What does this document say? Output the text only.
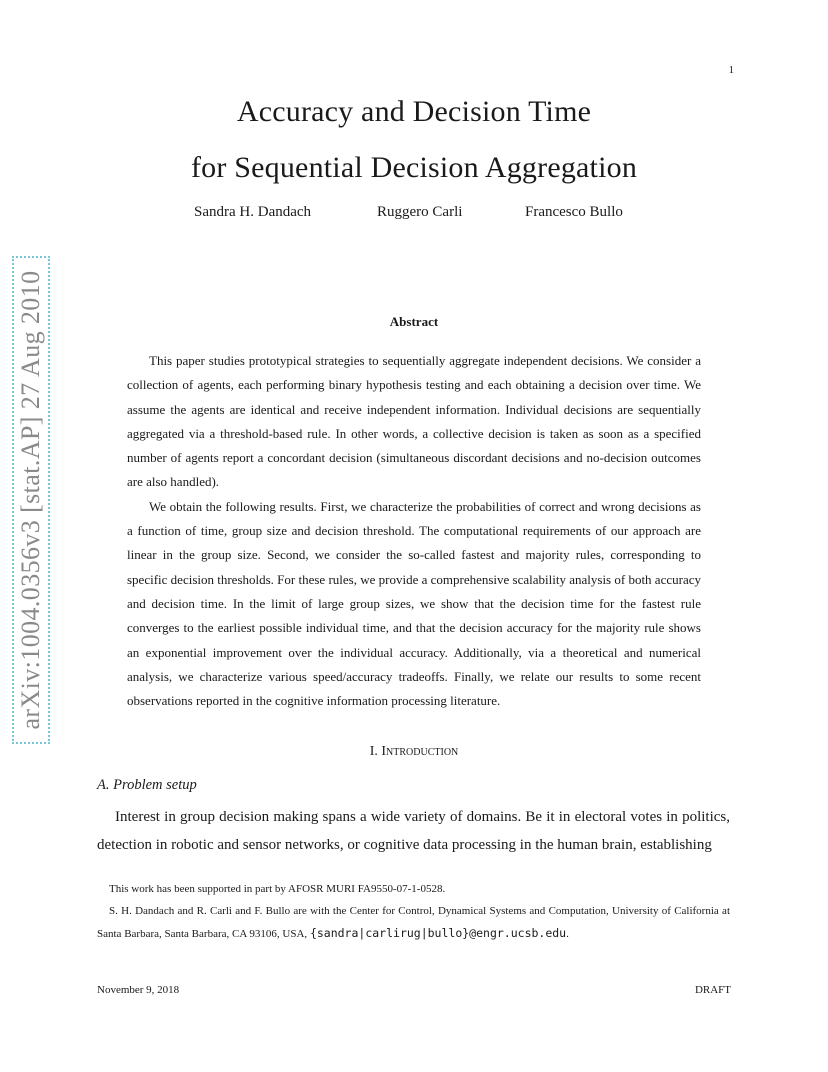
1
Accuracy and Decision Time
for Sequential Decision Aggregation
Sandra H. Dandach	Ruggero Carli	Francesco Bullo
arXiv:1004.0356v3 [stat.AP] 27 Aug 2010	Abstract

This paper studies prototypical strategies to sequentially aggregate independent decisions. We consider a collection of agents, each performing binary hypothesis testing and each obtaining a decision over time. We assume the agents are identical and receive independent information. Individual decisions are sequentially aggregated via a threshold-based rule. In other words, a collective decision is taken as soon as a specified number of agents report a concordant decision (simultaneous discordant decisions and no-decision outcomes are also handled).

We obtain the following results. First, we characterize the probabilities of correct and wrong decisions as a function of time, group size and decision threshold. The computational requirements of our approach are linear in the group size. Second, we consider the so-called fastest and majority rules, corresponding to specific decision thresholds. For these rules, we provide a comprehensive scalability analysis of both accuracy and decision time. In the limit of large group sizes, we show that the decision time for the fastest rule converges to the earliest possible individual time, and that the decision accuracy for the majority rule shows an exponential improvement over the individual accuracy. Additionally, via a theoretical and numerical analysis, we characterize various speed/accuracy tradeoffs. Finally, we relate our results to some recent observations reported in the cognitive information processing literature.

I. Introduction
A. Problem setup

Interest in group decision making spans a wide variety of domains. Be it in electoral votes in politics, detection in robotic and sensor networks, or cognitive data processing in the human brain, establishing

This work has been supported in part by AFOSR MURI FA9550-07-1-0528.

S. H. Dandach and R. Carli and F. Bullo are with the Center for Control, Dynamical Systems and Computation, University of California at Santa Barbara, Santa Barbara, CA 93106, USA, {sandra|carlirug|bullo}@engr.ucsb.edu.

November 9, 2018	DRAFT
